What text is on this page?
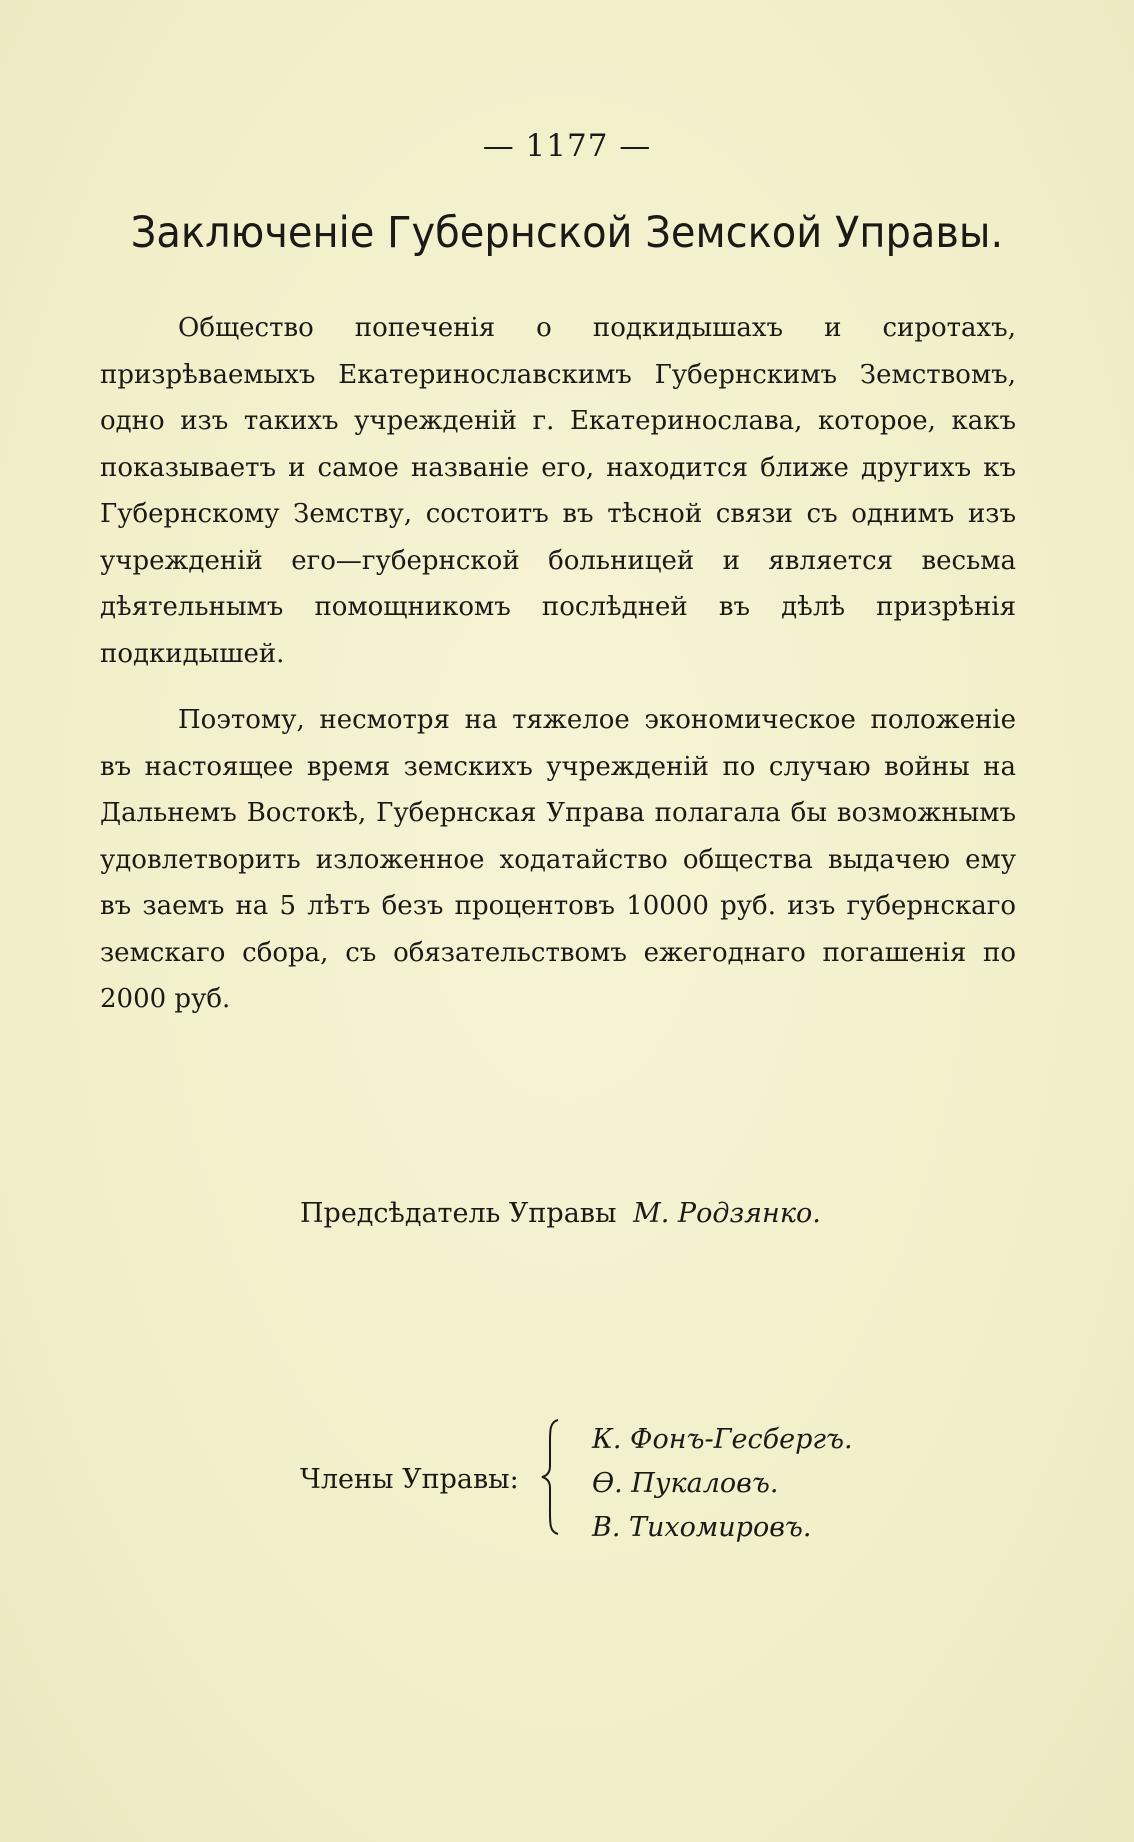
— 1177 —
Заключенiе Губернской Земской Управы.

Общество попеченiя о подкидышахъ и сиротахъ, призрѣваемыхъ Екатеринославскимъ Губернскимъ Земствомъ, одно изъ такихъ учрежденiй г. Екатеринослава, которое, какъ показываетъ и самое названiе его, находится ближе другихъ къ Губернскому Земству, состоитъ въ тѣсной связи съ однимъ изъ учрежденiй его—губернской больницей и является весьма дѣятельнымъ помощникомъ послѣдней въ дѣлѣ призрѣнiя подкидышей.

Поэтому, несмотря на тяжелое экономическое положенiе въ настоящее время земскихъ учрежденiй по случаю войны на Дальнемъ Востокѣ, Губернская Управа полагала бы возможнымъ удовлетворить изложенное ходатайство общества выдачею ему въ заемъ на 5 лѣтъ безъ процентовъ 10000 руб. изъ губернскаго земскаго сбора, съ обязательствомъ ежегоднаго погашенiя по 2000 руб.

Предсѣдатель Управы М. Родзянко.
Члены Управы:
К. Фонъ-Гесбергъ.
Ѳ. Пукаловъ.
В. Тихомировъ.
